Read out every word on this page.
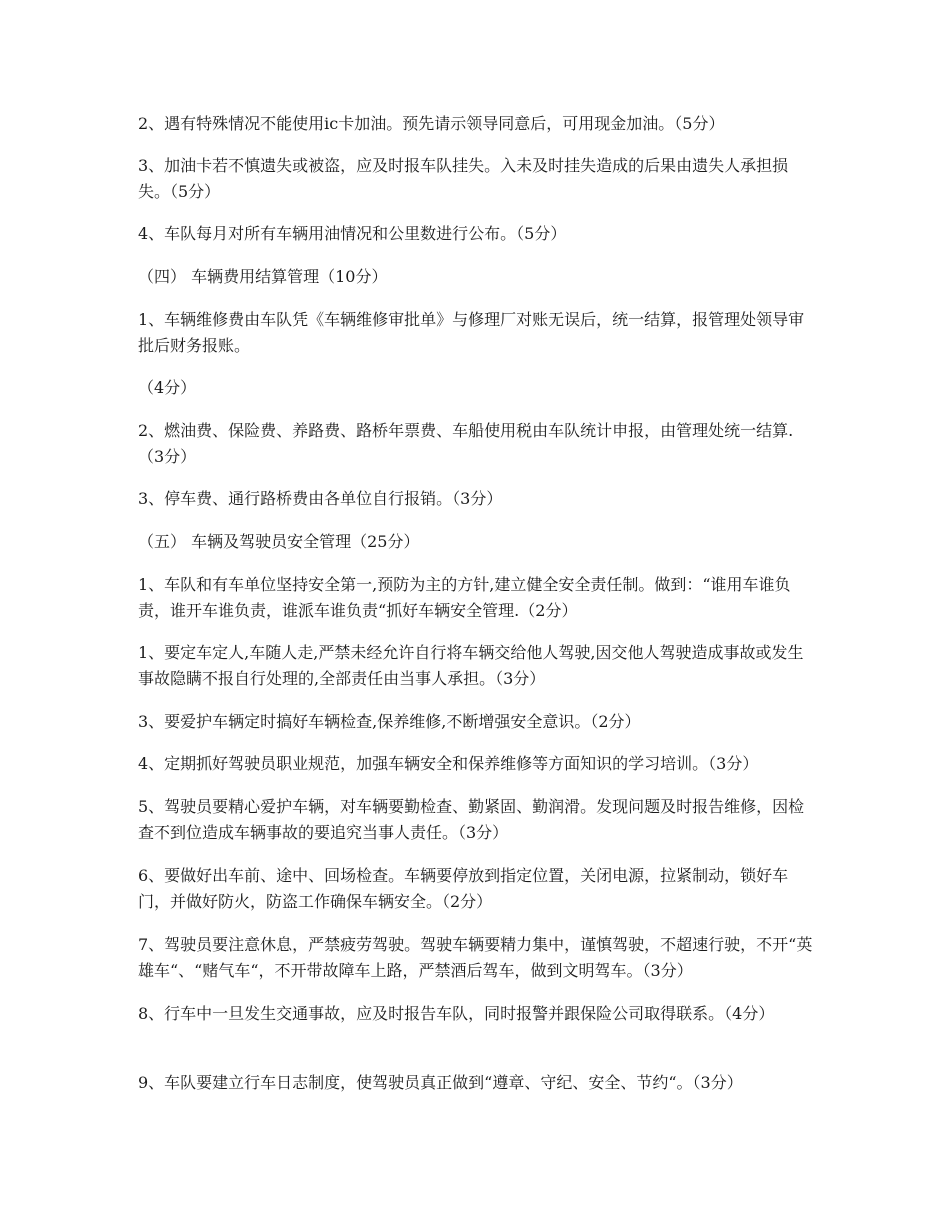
2、遇有特殊情况不能使用ic卡加油。预先请示领导同意后，可用现金加油。（5分）

3、加油卡若不慎遗失或被盗，应及时报车队挂失。入未及时挂失造成的后果由遗失人承担损失。（5分）

4、车队每月对所有车辆用油情况和公里数进行公布。（5分）

（四） 车辆费用结算管理（10分）

1、车辆维修费由车队凭《车辆维修审批单》与修理厂对账无误后，统一结算，报管理处领导审批后财务报账。

（4分）

2、燃油费、保险费、养路费、路桥年票费、车船使用税由车队统计申报，由管理处统一结算.（3分）

3、停车费、通行路桥费由各单位自行报销。（3分）

（五） 车辆及驾驶员安全管理（25分）

1、车队和有车单位坚持安全第一,预防为主的方针,建立健全安全责任制。做到：“谁用车谁负责，谁开车谁负责，谁派车谁负责“抓好车辆安全管理.（2分）

1、要定车定人,车随人走,严禁未经允许自行将车辆交给他人驾驶,因交他人驾驶造成事故或发生事故隐瞒不报自行处理的,全部责任由当事人承担。（3分）

3、要爱护车辆定时搞好车辆检查,保养维修,不断增强安全意识。（2分）

4、定期抓好驾驶员职业规范，加强车辆安全和保养维修等方面知识的学习培训。（3分）

5、驾驶员要精心爱护车辆，对车辆要勤检查、勤紧固、勤润滑。发现问题及时报告维修，因检查不到位造成车辆事故的要追究当事人责任。（3分）

6、要做好出车前、途中、回场检查。车辆要停放到指定位置，关闭电源，拉紧制动，锁好车门，并做好防火，防盗工作确保车辆安全。（2分）

7、驾驶员要注意休息，严禁疲劳驾驶。驾驶车辆要精力集中，谨慎驾驶，不超速行驶，不开“英雄车“、“赌气车“，不开带故障车上路，严禁酒后驾车，做到文明驾车。（3分）

8、行车中一旦发生交通事故，应及时报告车队，同时报警并跟保险公司取得联系。（4分）

9、车队要建立行车日志制度，使驾驶员真正做到“遵章、守纪、安全、节约“。（3分）
